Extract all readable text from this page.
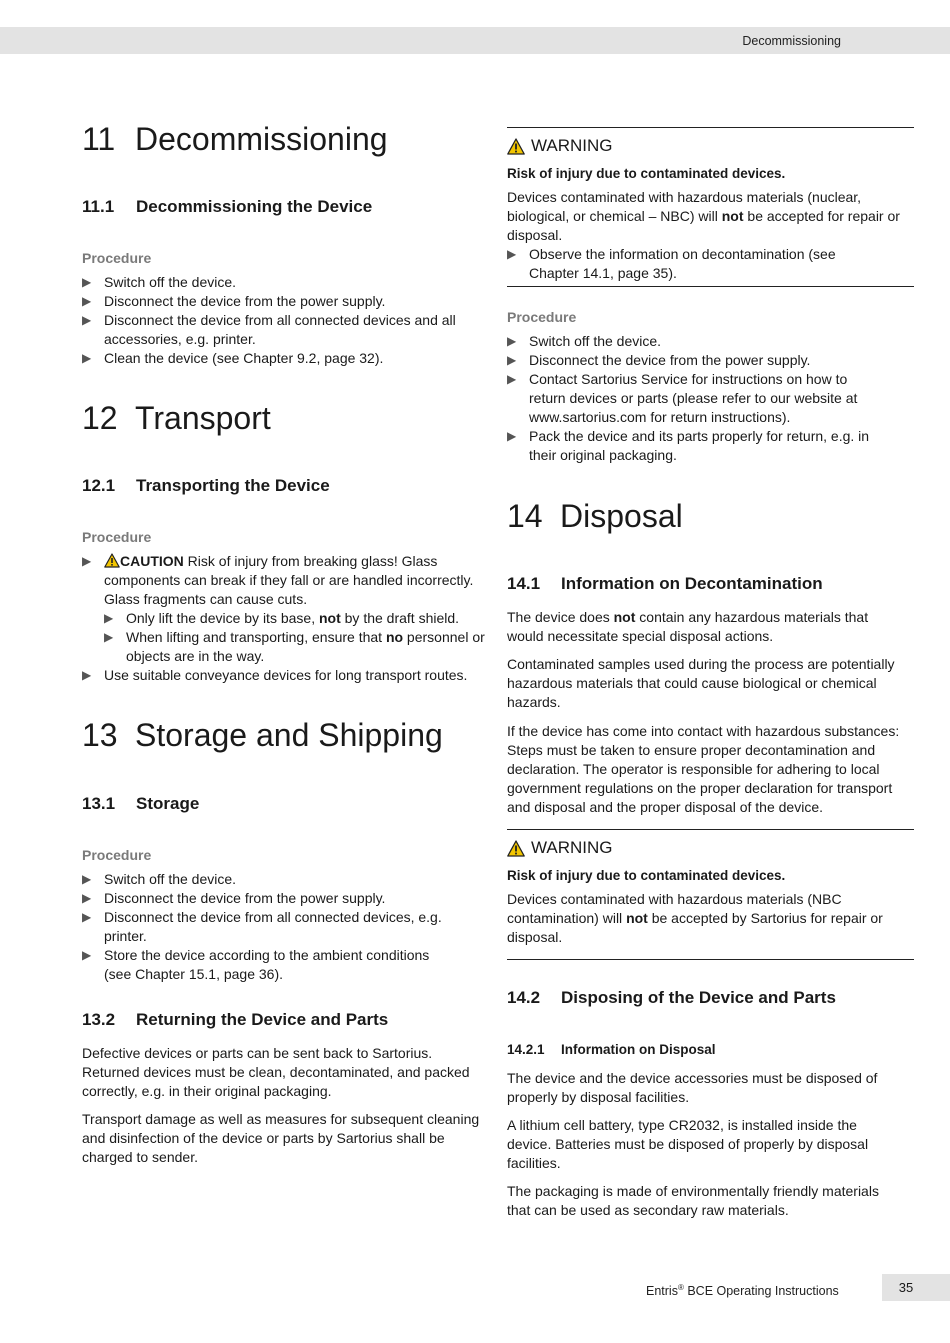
Decommissioning
11 Decommissioning
11.1 Decommissioning the Device
Procedure
▶ Switch off the device.
▶ Disconnect the device from the power supply.
▶ Disconnect the device from all connected devices and all accessories, e.g. printer.
▶ Clean the device (see Chapter 9.2, page 32).
12 Transport
12.1 Transporting the Device
Procedure
▶ CAUTION Risk of injury from breaking glass! Glass components can break if they fall or are handled incorrectly. Glass fragments can cause cuts.
▶ Only lift the device by its base, not by the draft shield.
▶ When lifting and transporting, ensure that no personnel or objects are in the way.
▶ Use suitable conveyance devices for long transport routes.
13 Storage and Shipping
13.1 Storage
Procedure
▶ Switch off the device.
▶ Disconnect the device from the power supply.
▶ Disconnect the device from all connected devices, e.g. printer.
▶ Store the device according to the ambient conditions (see Chapter 15.1, page 36).
13.2 Returning the Device and Parts
Defective devices or parts can be sent back to Sartorius. Returned devices must be clean, decontaminated, and packed correctly, e.g. in their original packaging.
Transport damage as well as measures for subsequent cleaning and disinfection of the device or parts by Sartorius shall be charged to sender.
WARNING
Risk of injury due to contaminated devices.
Devices contaminated with hazardous materials (nuclear, biological, or chemical – NBC) will not be accepted for repair or disposal.
▶ Observe the information on decontamination (see Chapter 14.1, page 35).
Procedure
▶ Switch off the device.
▶ Disconnect the device from the power supply.
▶ Contact Sartorius Service for instructions on how to return devices or parts (please refer to our website at www.sartorius.com for return instructions).
▶ Pack the device and its parts properly for return, e.g. in their original packaging.
14 Disposal
14.1 Information on Decontamination
The device does not contain any hazardous materials that would necessitate special disposal actions.
Contaminated samples used during the process are potentially hazardous materials that could cause biological or chemical hazards.
If the device has come into contact with hazardous substances: Steps must be taken to ensure proper decontamination and declaration. The operator is responsible for adhering to local government regulations on the proper declaration for transport and disposal and the proper disposal of the device.
WARNING
Risk of injury due to contaminated devices.
Devices contaminated with hazardous materials (NBC contamination) will not be accepted by Sartorius for repair or disposal.
14.2 Disposing of the Device and Parts
14.2.1 Information on Disposal
The device and the device accessories must be disposed of properly by disposal facilities.
A lithium cell battery, type CR2032, is installed inside the device. Batteries must be disposed of properly by disposal facilities.
The packaging is made of environmentally friendly materials that can be used as secondary raw materials.
Entris® BCE Operating Instructions	35
